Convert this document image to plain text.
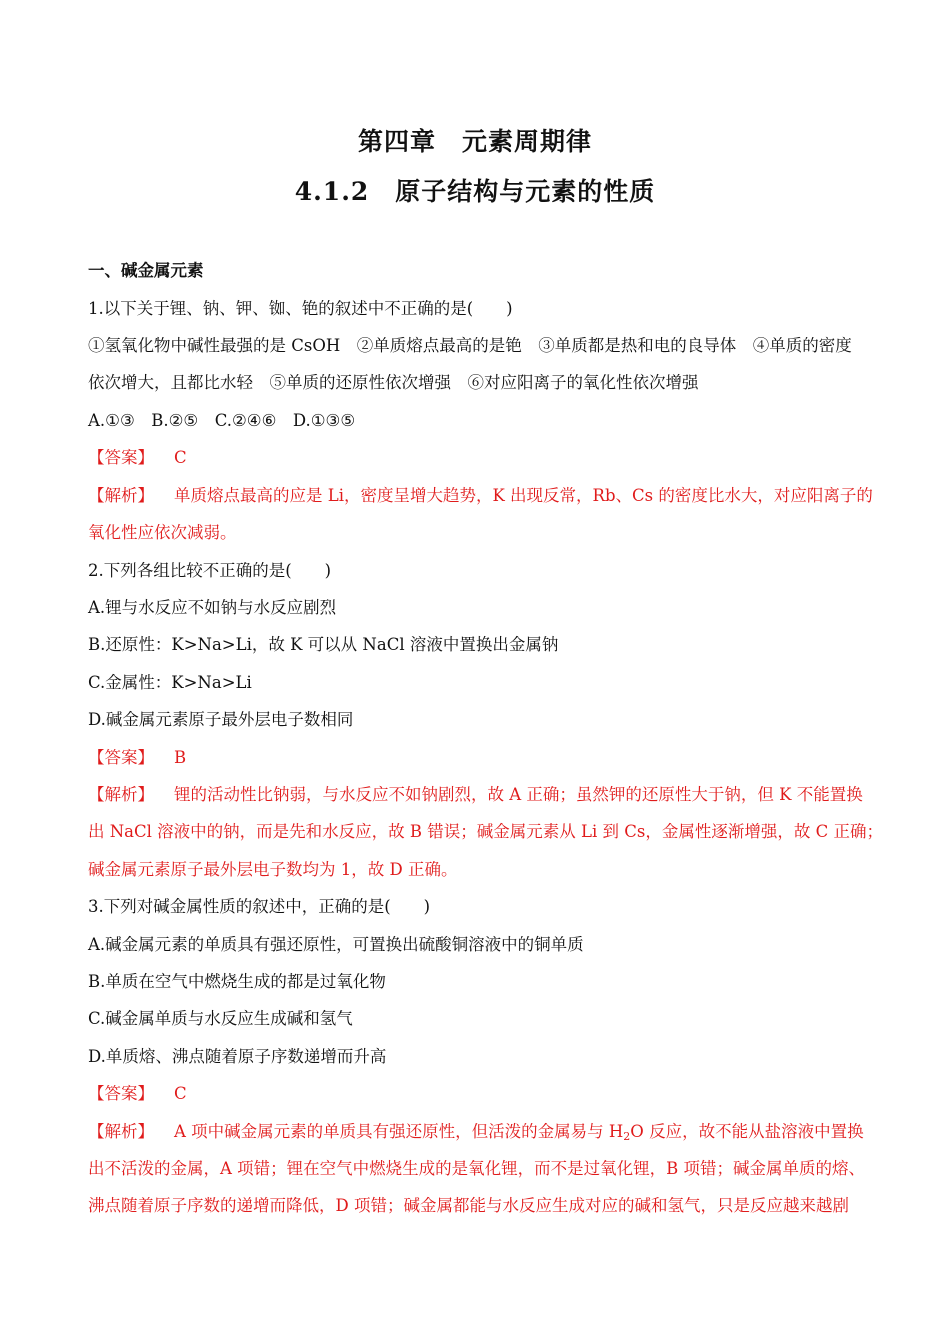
第四章　元素周期律
4.1.2　原子结构与元素的性质
一、碱金属元素
1.以下关于锂、钠、钾、铷、铯的叙述中不正确的是(　　)
①氢氧化物中碱性最强的是 CsOH　②单质熔点最高的是铯　③单质都是热和电的良导体　④单质的密度
依次增大，且都比水轻　⑤单质的还原性依次增强　⑥对应阳离子的氧化性依次增强
A.①③　B.②⑤　C.②④⑥　D.①③⑤
【答案】 C
【解析】 单质熔点最高的应是 Li，密度呈增大趋势，K 出现反常，Rb、Cs 的密度比水大，对应阳离子的
氧化性应依次减弱。
2.下列各组比较不正确的是(　　)
A.锂与水反应不如钠与水反应剧烈
B.还原性：K>Na>Li，故 K 可以从 NaCl 溶液中置换出金属钠
C.金属性：K>Na>Li
D.碱金属元素原子最外层电子数相同
【答案】 B
【解析】 锂的活动性比钠弱，与水反应不如钠剧烈，故 A 正确；虽然钾的还原性大于钠，但 K 不能置换
出 NaCl 溶液中的钠，而是先和水反应，故 B 错误；碱金属元素从 Li 到 Cs，金属性逐渐增强，故 C 正确；
碱金属元素原子最外层电子数均为 1，故 D 正确。
3.下列对碱金属性质的叙述中，正确的是(　　)
A.碱金属元素的单质具有强还原性，可置换出硫酸铜溶液中的铜单质
B.单质在空气中燃烧生成的都是过氧化物
C.碱金属单质与水反应生成碱和氢气
D.单质熔、沸点随着原子序数递增而升高
【答案】 C
【解析】 A 项中碱金属元素的单质具有强还原性，但活泼的金属易与 $H_2O$ 反应，故不能从盐溶液中置换
出不活泼的金属，A 项错；锂在空气中燃烧生成的是氧化锂，而不是过氧化锂，B 项错；碱金属单质的熔、
沸点随着原子序数的递增而降低，D 项错；碱金属都能与水反应生成对应的碱和氢气，只是反应越来越剧
